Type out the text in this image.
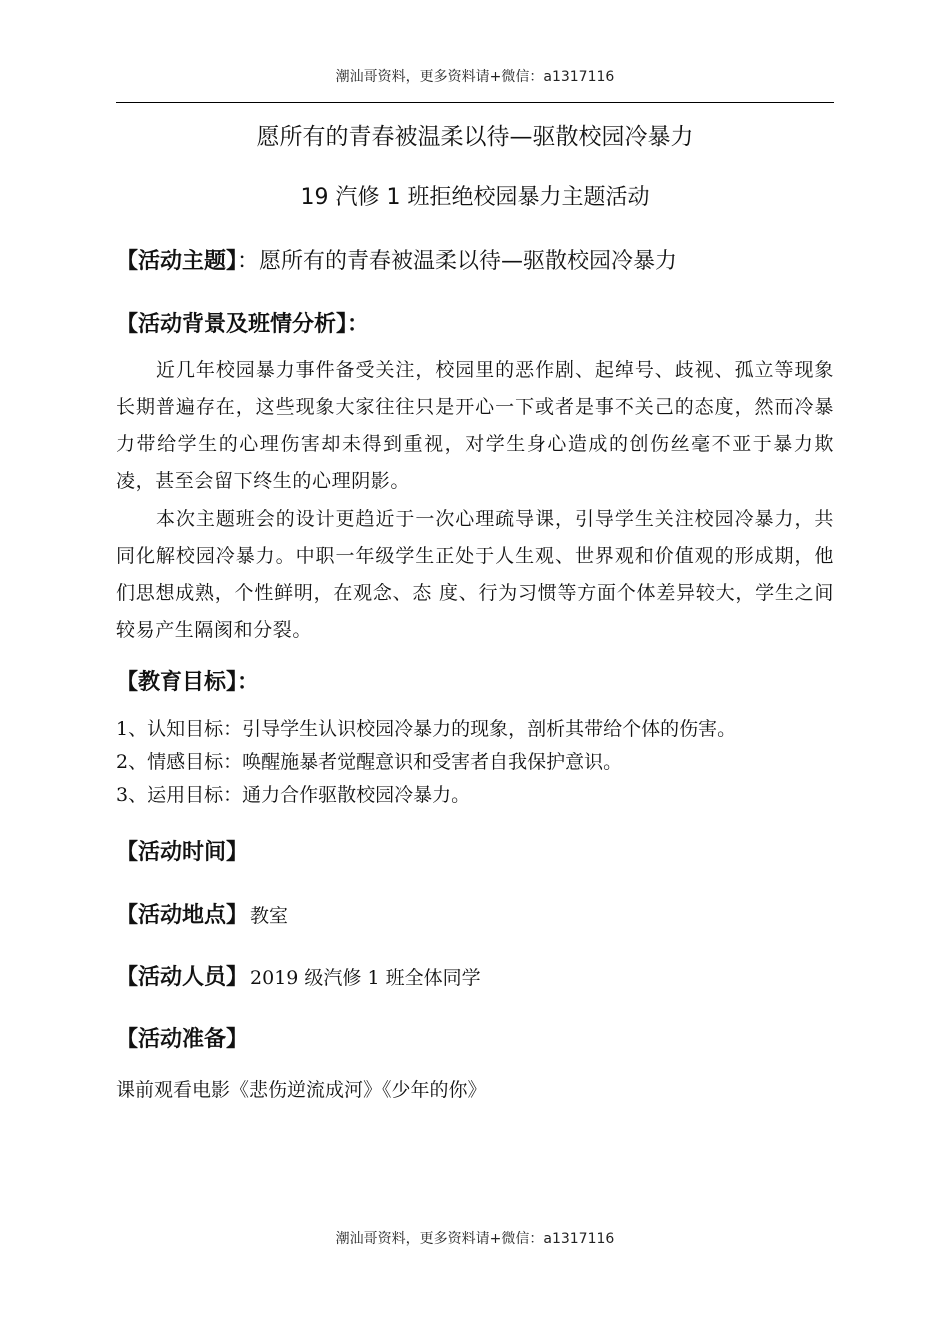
潮汕哥资料，更多资料请+微信：a1317116
愿所有的青春被温柔以待—驱散校园冷暴力
19 汽修 1 班拒绝校园暴力主题活动
【活动主题】：愿所有的青春被温柔以待—驱散校园冷暴力
【活动背景及班情分析】：
近几年校园暴力事件备受关注，校园里的恶作剧、起绰号、歧视、孤立等现象长期普遍存在，这些现象大家往往只是开心一下或者是事不关己的态度，然而冷暴力带给学生的心理伤害却未得到重视，对学生身心造成的创伤丝毫不亚于暴力欺凌，甚至会留下终生的心理阴影。
本次主题班会的设计更趋近于一次心理疏导课，引导学生关注校园冷暴力，共同化解校园冷暴力。中职一年级学生正处于人生观、世界观和价值观的形成期，他们思想成熟，个性鲜明，在观念、态 度、行为习惯等方面个体差异较大，学生之间较易产生隔阂和分裂。
【教育目标】：
1、认知目标：引导学生认识校园冷暴力的现象，剖析其带给个体的伤害。
2、情感目标：唤醒施暴者觉醒意识和受害者自我保护意识。
3、运用目标：通力合作驱散校园冷暴力。
【活动时间】
【活动地点】 教室
【活动人员】 2019 级汽修 1 班全体同学
【活动准备】
课前观看电影《悲伤逆流成河》《少年的你》
潮汕哥资料，更多资料请+微信：a1317116
